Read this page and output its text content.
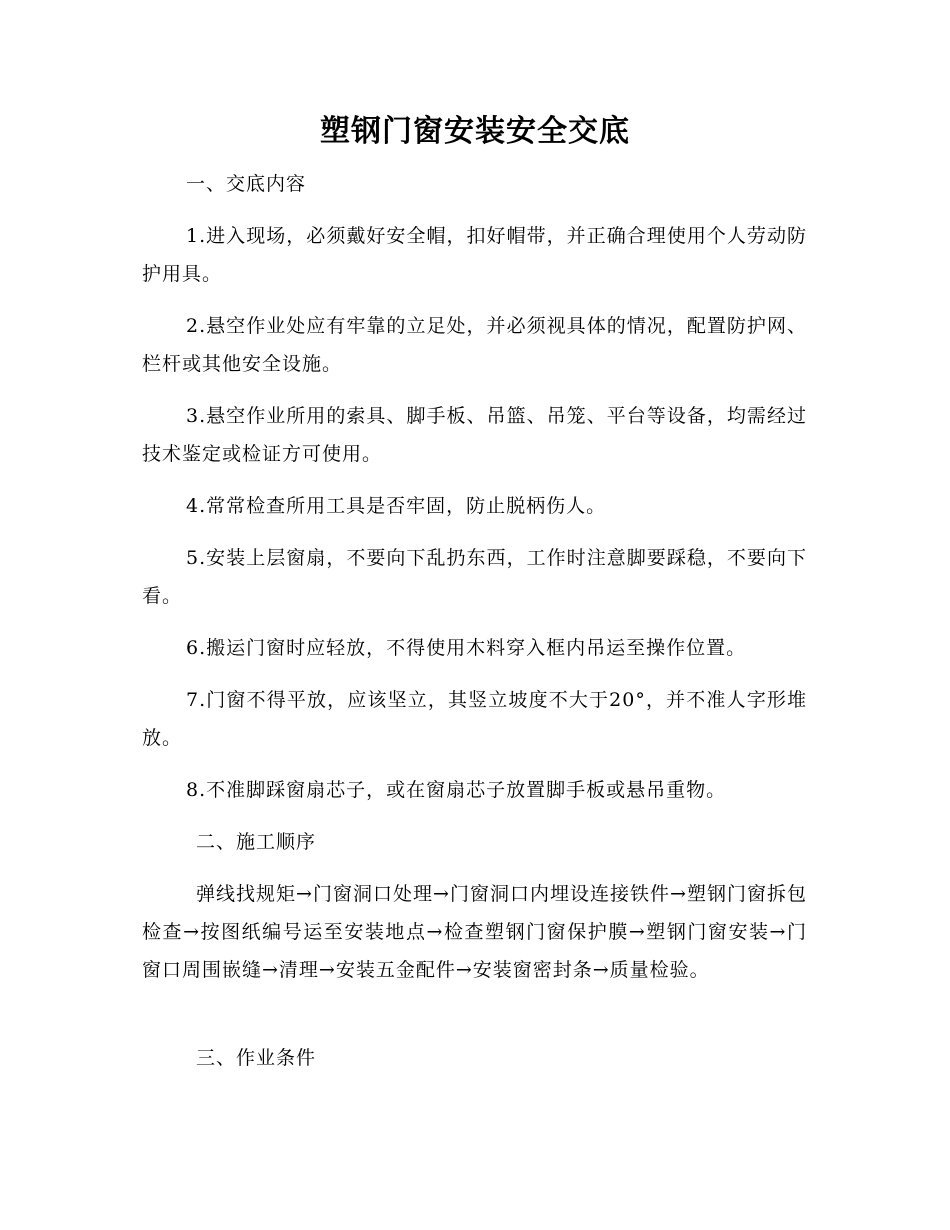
塑钢门窗安装安全交底
一、交底内容
1.进入现场，必须戴好安全帽，扣好帽带，并正确合理使用个人劳动防护用具。
2.悬空作业处应有牢靠的立足处，并必须视具体的情况，配置防护网、栏杆或其他安全设施。
3.悬空作业所用的索具、脚手板、吊篮、吊笼、平台等设备，均需经过技术鉴定或检证方可使用。
4.常常检查所用工具是否牢固，防止脱柄伤人。
5.安装上层窗扇，不要向下乱扔东西，工作时注意脚要踩稳，不要向下看。
6.搬运门窗时应轻放，不得使用木料穿入框内吊运至操作位置。
7.门窗不得平放，应该坚立，其竖立坡度不大于20°，并不准人字形堆放。
8.不准脚踩窗扇芯子，或在窗扇芯子放置脚手板或悬吊重物。
二、施工顺序
弹线找规矩→门窗洞口处理→门窗洞口内埋设连接铁件→塑钢门窗拆包检查→按图纸编号运至安装地点→检查塑钢门窗保护膜→塑钢门窗安装→门窗口周围嵌缝→清理→安装五金配件→安装窗密封条→质量检验。
三、作业条件
